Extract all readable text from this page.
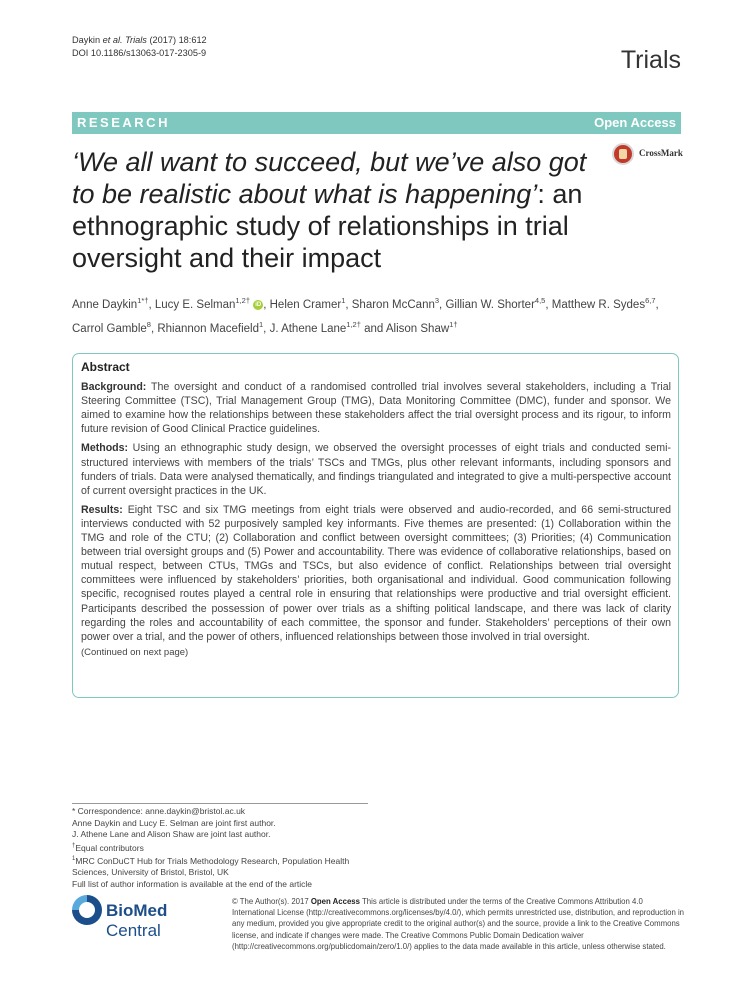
Daykin et al. Trials (2017) 18:612
DOI 10.1186/s13063-017-2305-9	Trials
RESEARCH	Open Access
‘We all want to succeed, but we’ve also got to be realistic about what is happening’: an ethnographic study of relationships in trial oversight and their impact
CrossMark
Anne Daykin$^{1*\dagger}$, Lucy E. Selman$^{1,2\dagger}$ iD , Helen Cramer$^1$, Sharon McCann$^3$, Gillian W. Shorter$^{4,5}$, Matthew R. Sydes$^{6,7}$,
Carrol Gamble$^8$, Rhiannon Macefield$^1$, J. Athene Lane$^{1,2\dagger}$ and Alison Shaw$^{1\dagger}$
Abstract

Background: The oversight and conduct of a randomised controlled trial involves several stakeholders, including a Trial Steering Committee (TSC), Trial Management Group (TMG), Data Monitoring Committee (DMC), funder and sponsor. We aimed to examine how the relationships between these stakeholders affect the trial oversight process and its rigour, to inform future revision of Good Clinical Practice guidelines.

Methods: Using an ethnographic study design, we observed the oversight processes of eight trials and conducted semi-structured interviews with members of the trials’ TSCs and TMGs, plus other relevant informants, including sponsors and funders of trials. Data were analysed thematically, and findings triangulated and integrated to give a multi-perspective account of current oversight practices in the UK.

Results: Eight TSC and six TMG meetings from eight trials were observed and audio-recorded, and 66 semi-structured interviews conducted with 52 purposively sampled key informants. Five themes are presented: (1) Collaboration within the TMG and role of the CTU; (2) Collaboration and conflict between oversight committees; (3) Priorities; (4) Communication between trial oversight groups and (5) Power and accountability. There was evidence of collaborative relationships, based on mutual respect, between CTUs, TMGs and TSCs, but also evidence of conflict. Relationships between trial oversight committees were influenced by stakeholders’ priorities, both organisational and individual. Good communication following specific, recognised routes played a central role in ensuring that relationships were productive and trial oversight efficient. Participants described the possession of power over trials as a shifting political landscape, and there was lack of clarity regarding the roles and accountability of each committee, the sponsor and funder. Stakeholders’ perceptions of their own power over a trial, and the power of others, influenced relationships between those involved in trial oversight.

(Continued on next page)
* Correspondence: anne.daykin@bristol.ac.uk
Anne Daykin and Lucy E. Selman are joint first author.
J. Athene Lane and Alison Shaw are joint last author.
†Equal contributors
$^1$MRC ConDuCT Hub for Trials Methodology Research, Population Health Sciences, University of Bristol, Bristol, UK
Full list of author information is available at the end of the article
BioMed Central
© The Author(s). 2017 Open Access This article is distributed under the terms of the Creative Commons Attribution 4.0 International License (http://creativecommons.org/licenses/by/4.0/), which permits unrestricted use, distribution, and reproduction in any medium, provided you give appropriate credit to the original author(s) and the source, provide a link to the Creative Commons license, and indicate if changes were made. The Creative Commons Public Domain Dedication waiver (http://creativecommons.org/publicdomain/zero/1.0/) applies to the data made available in this article, unless otherwise stated.
